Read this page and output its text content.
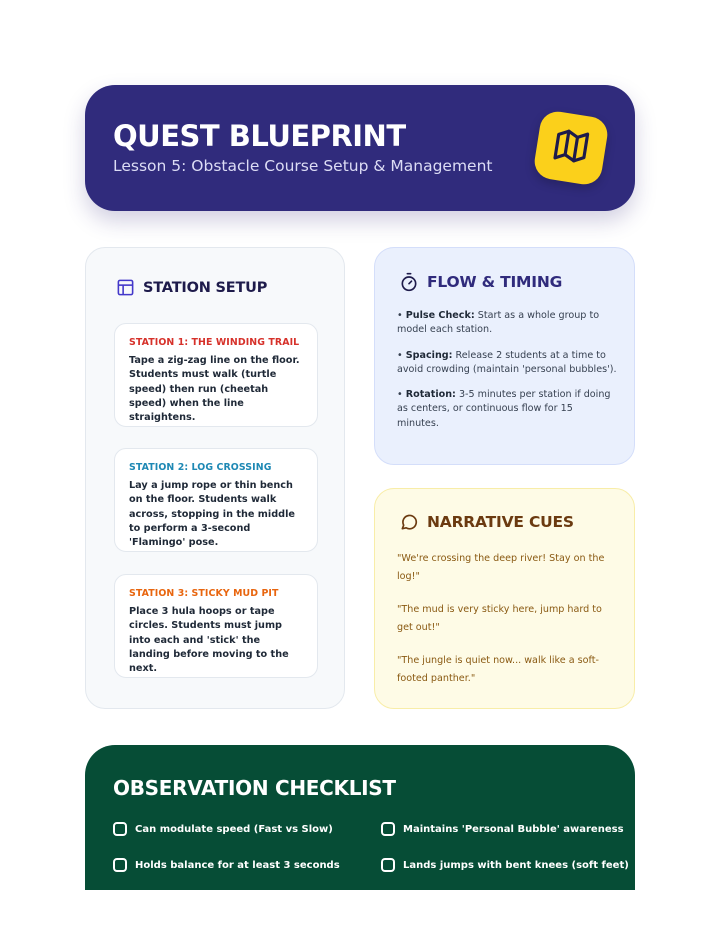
QUEST BLUEPRINT
Lesson 5: Obstacle Course Setup & Management
STATION SETUP
STATION 1: THE WINDING TRAIL
Tape a zig-zag line on the floor. Students must walk (turtle speed) then run (cheetah speed) when the line straightens.
STATION 2: LOG CROSSING
Lay a jump rope or thin bench on the floor. Students walk across, stopping in the middle to perform a 3-second 'Flamingo' pose.
STATION 3: STICKY MUD PIT
Place 3 hula hoops or tape circles. Students must jump into each and 'stick' the landing before moving to the next.
FLOW & TIMING
• Pulse Check: Start as a whole group to model each station.
• Spacing: Release 2 students at a time to avoid crowding (maintain 'personal bubbles').
• Rotation: 3-5 minutes per station if doing as centers, or continuous flow for 15 minutes.
NARRATIVE CUES
"We're crossing the deep river! Stay on the log!"
"The mud is very sticky here, jump hard to get out!"
"The jungle is quiet now... walk like a soft-footed panther."
OBSERVATION CHECKLIST
Can modulate speed (Fast vs Slow)	Maintains 'Personal Bubble' awareness
Holds balance for at least 3 seconds	Lands jumps with bent knees (soft feet)
